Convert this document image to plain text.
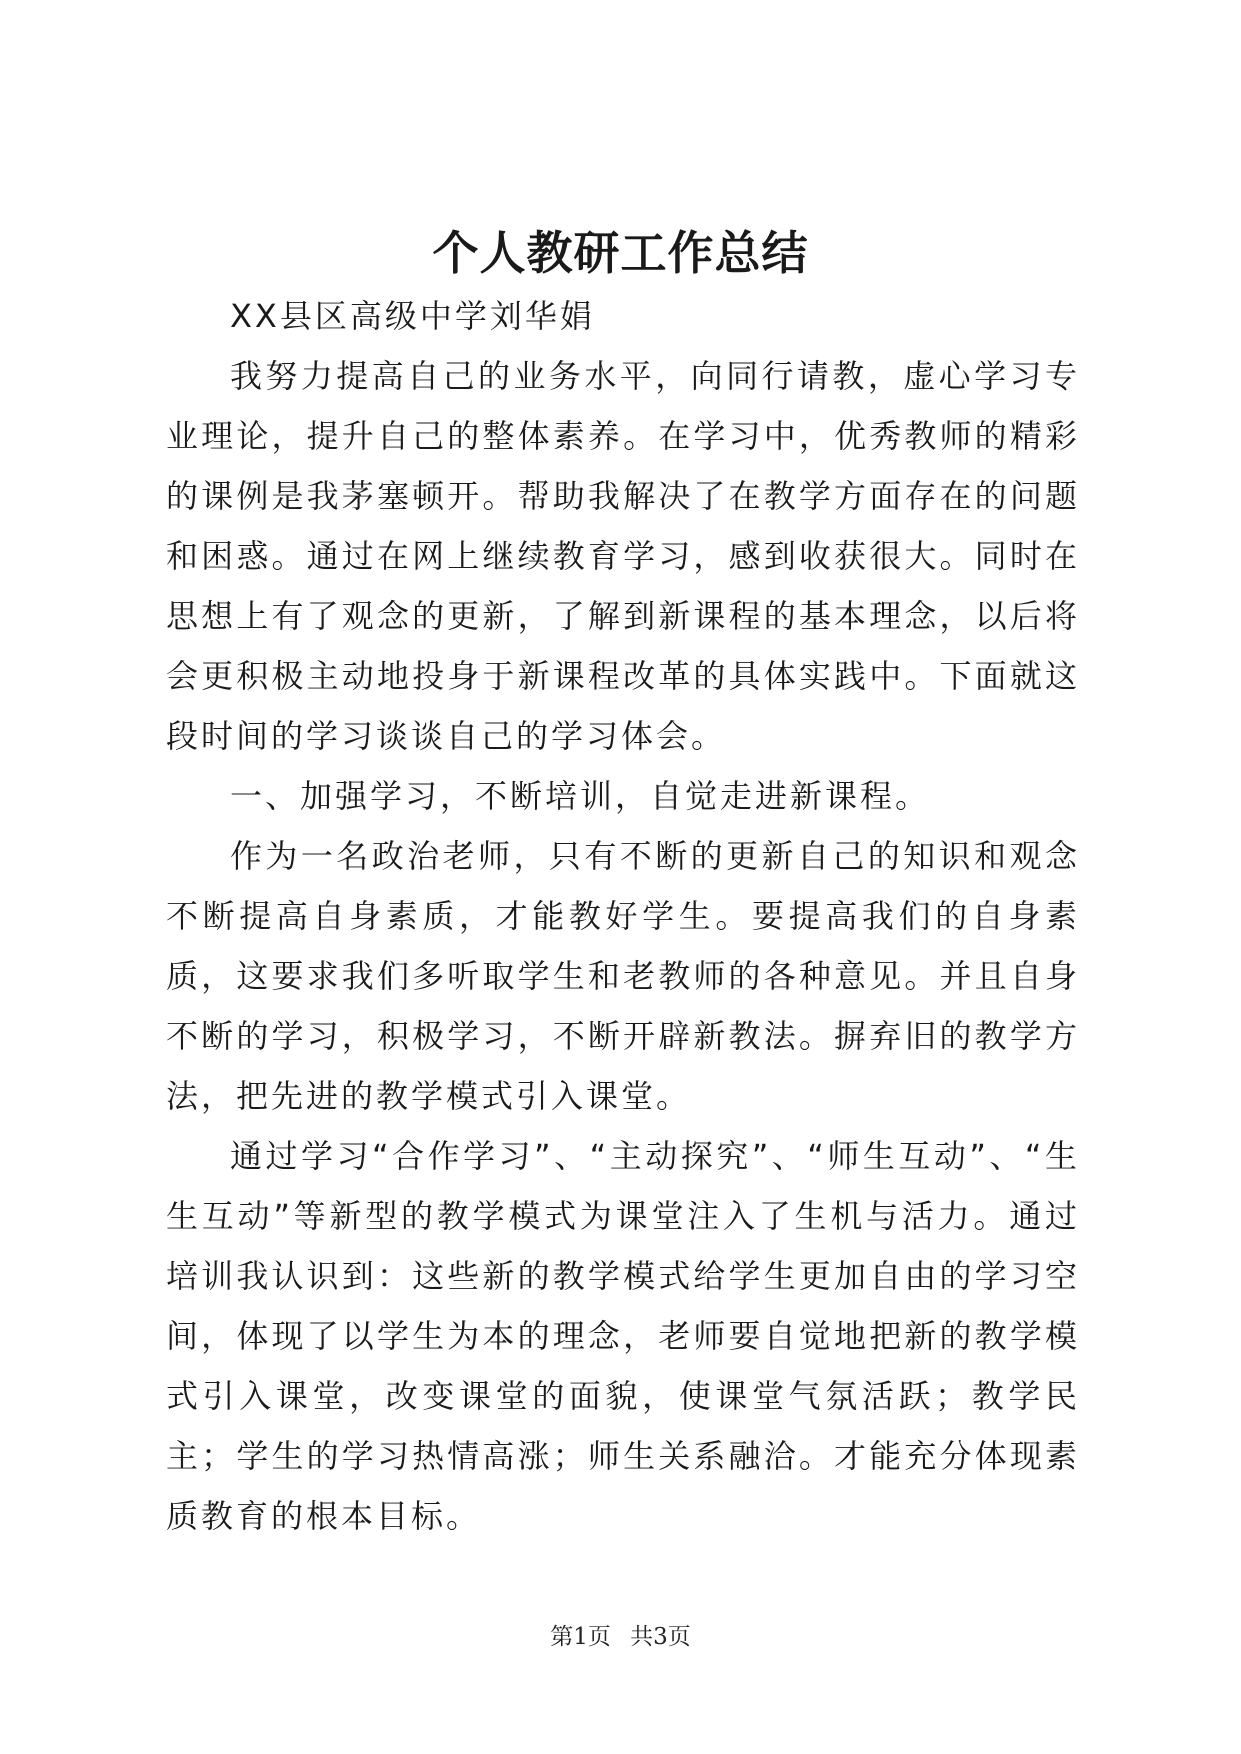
个人教研工作总结

XX县区高级中学刘华娟

我努力提高自己的业务水平，向同行请教，虚心学习专业理论，提升自己的整体素养。在学习中，优秀教师的精彩的课例是我茅塞顿开。帮助我解决了在教学方面存在的问题和困惑。通过在网上继续教育学习，感到收获很大。同时在思想上有了观念的更新，了解到新课程的基本理念，以后将会更积极主动地投身于新课程改革的具体实践中。下面就这段时间的学习谈谈自己的学习体会。

一、加强学习，不断培训，自觉走进新课程。

作为一名政治老师，只有不断的更新自己的知识和观念不断提高自身素质，才能教好学生。要提高我们的自身素质，这要求我们多听取学生和老教师的各种意见。并且自身不断的学习，积极学习，不断开辟新教法。摒弃旧的教学方法，把先进的教学模式引入课堂。

通过学习“合作学习”、“主动探究”、“师生互动”、“生生互动”等新型的教学模式为课堂注入了生机与活力。通过培训我认识到：这些新的教学模式给学生更加自由的学习空间，体现了以学生为本的理念，老师要自觉地把新的教学模式引入课堂，改变课堂的面貌，使课堂气氛活跃；教学民主；学生的学习热情高涨；师生关系融洽。才能充分体现素质教育的根本目标。

第1页 共3页
